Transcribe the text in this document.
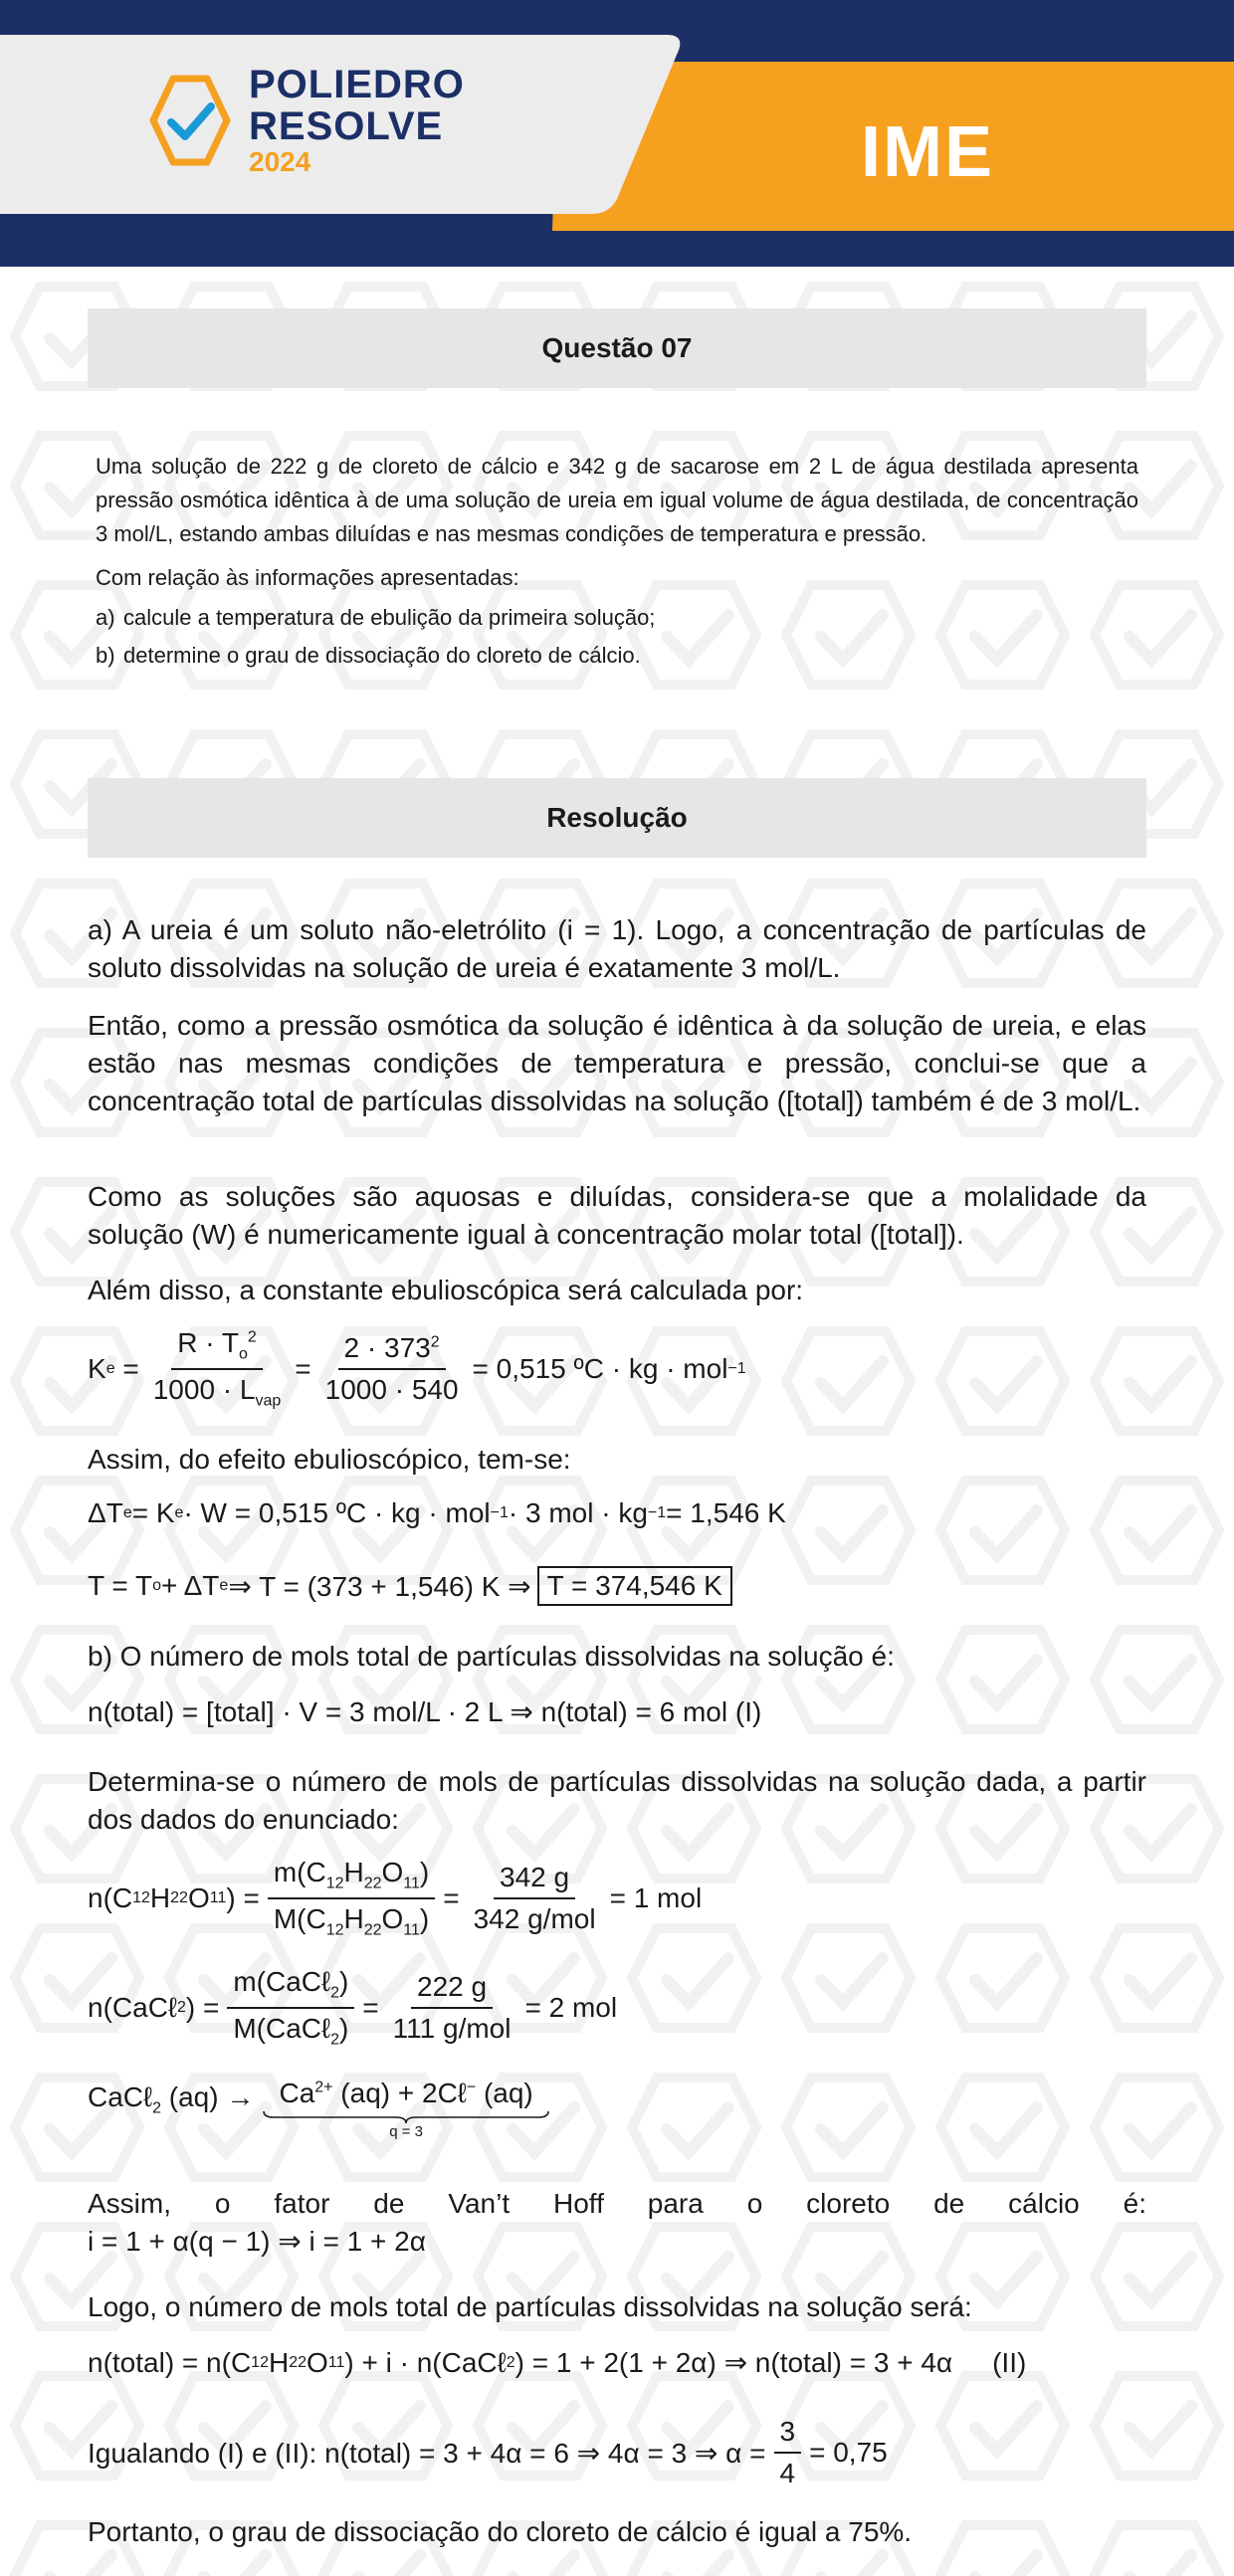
POLIEDRO
RESOLVE
2024	IME
Questão 07

Uma solução de 222 g de cloreto de cálcio e 342 g de sacarose em 2 L de água destilada apresenta pressão osmótica idêntica à de uma solução de ureia em igual volume de água destilada, de concentração 3 mol/L, estando ambas diluídas e nas mesmas condições de temperatura e pressão.

Com relação às informações apresentadas:

a) calcule a temperatura de ebulição da primeira solução;

b) determine o grau de dissociação do cloreto de cálcio.

Resolução

a) A ureia é um soluto não-eletrólito (i = 1). Logo, a concentração de partículas de soluto dissolvidas na solução de ureia é exatamente 3 mol/L.

Então, como a pressão osmótica da solução é idêntica à da solução de ureia, e elas estão nas mesmas condições de temperatura e pressão, conclui-se que a concentração total de partículas dissolvidas na solução ([total]) também é de 3 mol/L.

Como as soluções são aquosas e diluídas, considera-se que a molalidade da solução (W) é numericamente igual à concentração molar total ([total]).

Além disso, a constante ebulioscópica será calculada por:

K $e = \frac{R \cdot T_o^2}{1000 \cdot L_{vap}} = \frac{2 \cdot 373^2}{1000 \cdot 540} = 0,515$ ºC · kg · mol −1

Assim, do efeito ebulioscópico, tem-se:

ΔT e = K e · W = 0,515 ºC · kg · mol −1 · 3 mol · kg −1 = 1,546 K
T = T o + ΔT e ⇒ T = (373 + 1,546) K ⇒ T = 374,546 K

b) O número de mols total de partículas dissolvidas na solução é:

n(total) = [total] · V = 3 mol/L · 2 L ⇒ n(total) = 6 mol (I)

Determina-se o número de mols de partículas dissolvidas na solução dada, a partir dos dados do enunciado:

n(C 12 H 22 O 11 ) = $\frac{m(C_{12}H_{22}O_{11})}{M(C_{12}H_{22}O_{11})} = \frac{342 g}{\text{342 g/mol}} = 1$ mol
n(CaCℓ 2 ) = $\frac{m(CaC\ell_2)}{M(CaC\ell_2)} = \frac{222 g}{\text{111 g/mol}} = 2$ mol
CaCℓ$_2$ $(aq) \to Ca^{2+}$ (aq) + 2Cℓ− (aq)
q = 3

Assim, o fator de Van’t Hoff para o cloreto de cálcio é:

i = 1 + α(q − 1) ⇒ i = 1 + 2α

Logo, o número de mols total de partículas dissolvidas na solução será:

n(total) = n(C 12 H 22 O 11 ) + i · n(CaCℓ 2 ) = 1 + 2(1 + 2α) ⇒ n(total) = 3 + 4α (II)
Igualando (I) e (II): n(total) = 3 + 4α = 6 ⇒ 4α = 3 ⇒ $\alpha = \frac{3}{4} = 0,75$

Portanto, o grau de dissociação do cloreto de cálcio é igual a 75%.
